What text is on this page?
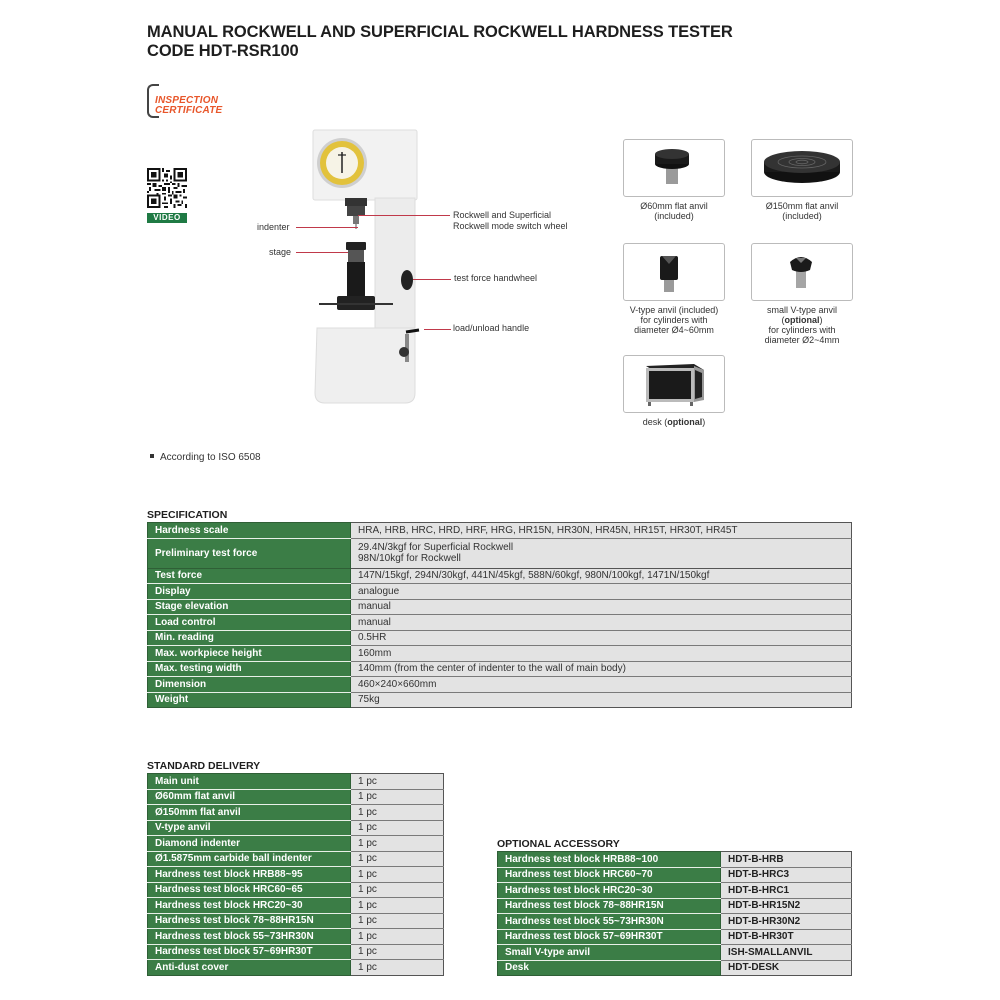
MANUAL ROCKWELL AND SUPERFICIAL ROCKWELL HARDNESS TESTER
CODE HDT-RSR100
INSPECTION
CERTIFICATE
VIDEO
indenter
stage
Rockwell and Superficial
Rockwell mode switch wheel
test force handwheel
load/unload handle
Ø60mm flat anvil
(included)
Ø150mm flat anvil
(included)
V-type anvil (included)
for cylinders with
diameter Ø4~60mm
small V-type anvil
(optional)
for cylinders with
diameter Ø2~4mm
desk (optional)
According to ISO 6508
SPECIFICATION
Hardness scale	HRA, HRB, HRC, HRD, HRF, HRG, HR15N, HR30N, HR45N, HR15T, HR30T, HR45T
Preliminary test force	29.4N/3kgf for Superficial Rockwell
98N/10kgf for Rockwell

Test force	147N/15kgf, 294N/30kgf, 441N/45kgf, 588N/60kgf, 980N/100kgf, 1471N/150kgf
Display	analogue
Stage elevation	manual
Load control	manual
Min. reading	0.5HR
Max. workpiece height	160mm
Max. testing width	140mm (from the center of indenter to the wall of main body)
Dimension	460×240×660mm
Weight	75kg
STANDARD DELIVERY
Main unit	1 pc
Ø60mm flat anvil	1 pc
Ø150mm flat anvil	1 pc
V-type anvil	1 pc
Diamond indenter	1 pc
Ø1.5875mm carbide ball indenter	1 pc
Hardness test block HRB88~95	1 pc
Hardness test block HRC60~65	1 pc
Hardness test block HRC20~30	1 pc
Hardness test block 78~88HR15N	1 pc
Hardness test block 55~73HR30N	1 pc
Hardness test block 57~69HR30T	1 pc
Anti-dust cover	1 pc
OPTIONAL ACCESSORY
Hardness test block HRB88~100	HDT-B-HRB
Hardness test block HRC60~70	HDT-B-HRC3
Hardness test block HRC20~30	HDT-B-HRC1
Hardness test block 78~88HR15N	HDT-B-HR15N2
Hardness test block 55~73HR30N	HDT-B-HR30N2
Hardness test block 57~69HR30T	HDT-B-HR30T
Small V-type anvil	ISH-SMALLANVIL
Desk	HDT-DESK
